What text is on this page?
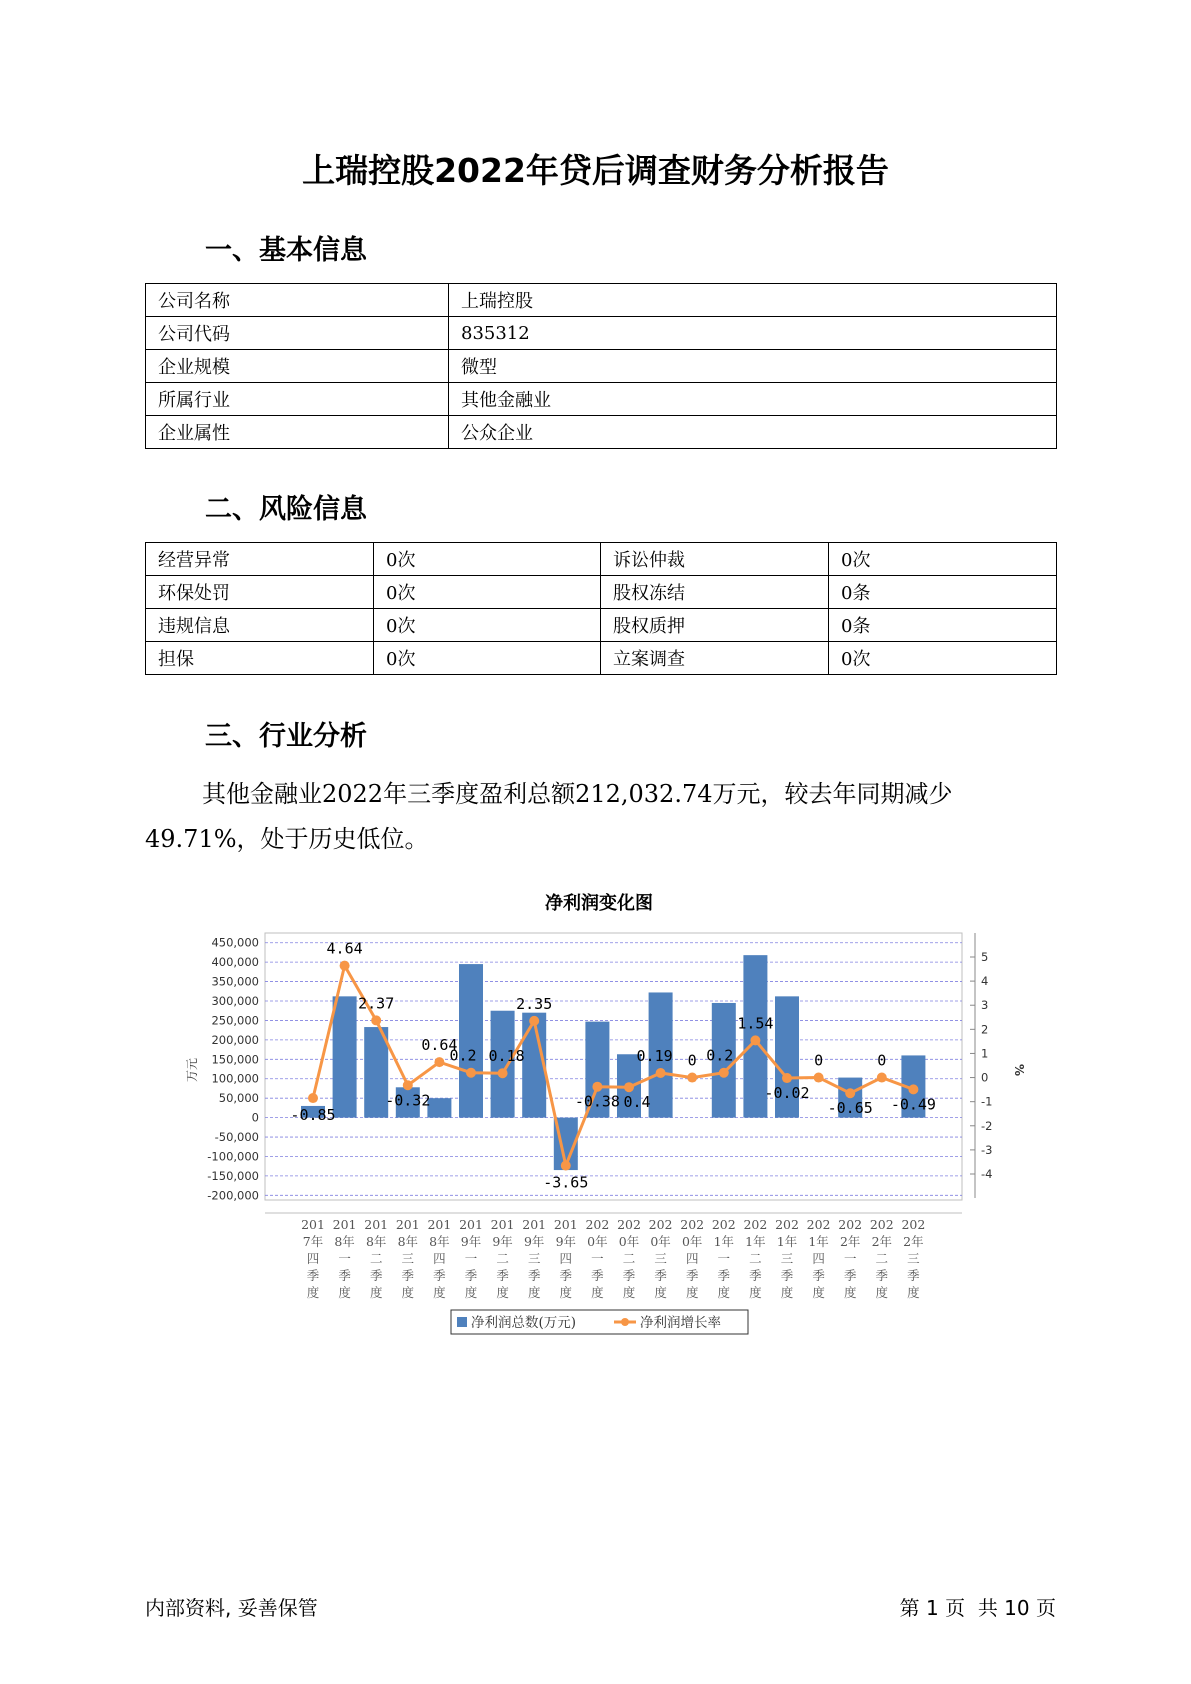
上瑞控股2022年贷后调查财务分析报告
一、基本信息
公司名称	上瑞控股
公司代码	835312
企业规模	微型
所属行业	其他金融业
企业属性	公众企业
二、风险信息
经营异常	0次	诉讼仲裁	0次
环保处罚	0次	股权冻结	0条
违规信息	0次	股权质押	0条
担保	0次	立案调查	0次
三、行业分析
其他金融业2022年三季度盈利总额212,032.74万元，较去年同期减少49.71%，处于历史低位。
净利润变化图
450,000
400,000
350,000
300,000
250,000
200,000
150,000
100,000
50,000
0
-50,000
-100,000
-150,000
-200,000
5
4
3
2
1
0
-1
-2
-3
-4
万元	%
-0.85
4.64
2.37
-0.32
0.64
0.2 0.18
2.35
-3.65
-0.38 0.4
0.19 0 0.2
1.54
-0.02
0
-0.65
0
-0.49
201
7年
四
季
度
201
8年
一
季
度
201
8年
二
季
度
201
8年
三
季
度
201
8年
四
季
度
201
9年
一
季
度
201
9年
二
季
度
201
9年
三
季
度
201
9年
四
季
度
202
0年
一
季
度
202
0年
二
季
度
202
0年
三
季
度
202
0年
四
季
度
202
1年
一
季
度
202
1年
二
季
度
202
1年
三
季
度
202
1年
四
季
度
202
2年
一
季
度
202
2年
二
季
度
202
2年
三
季
度
净利润总数(万元)	净利润增长率
内部资料, 妥善保管	第 1 页  共 10 页
